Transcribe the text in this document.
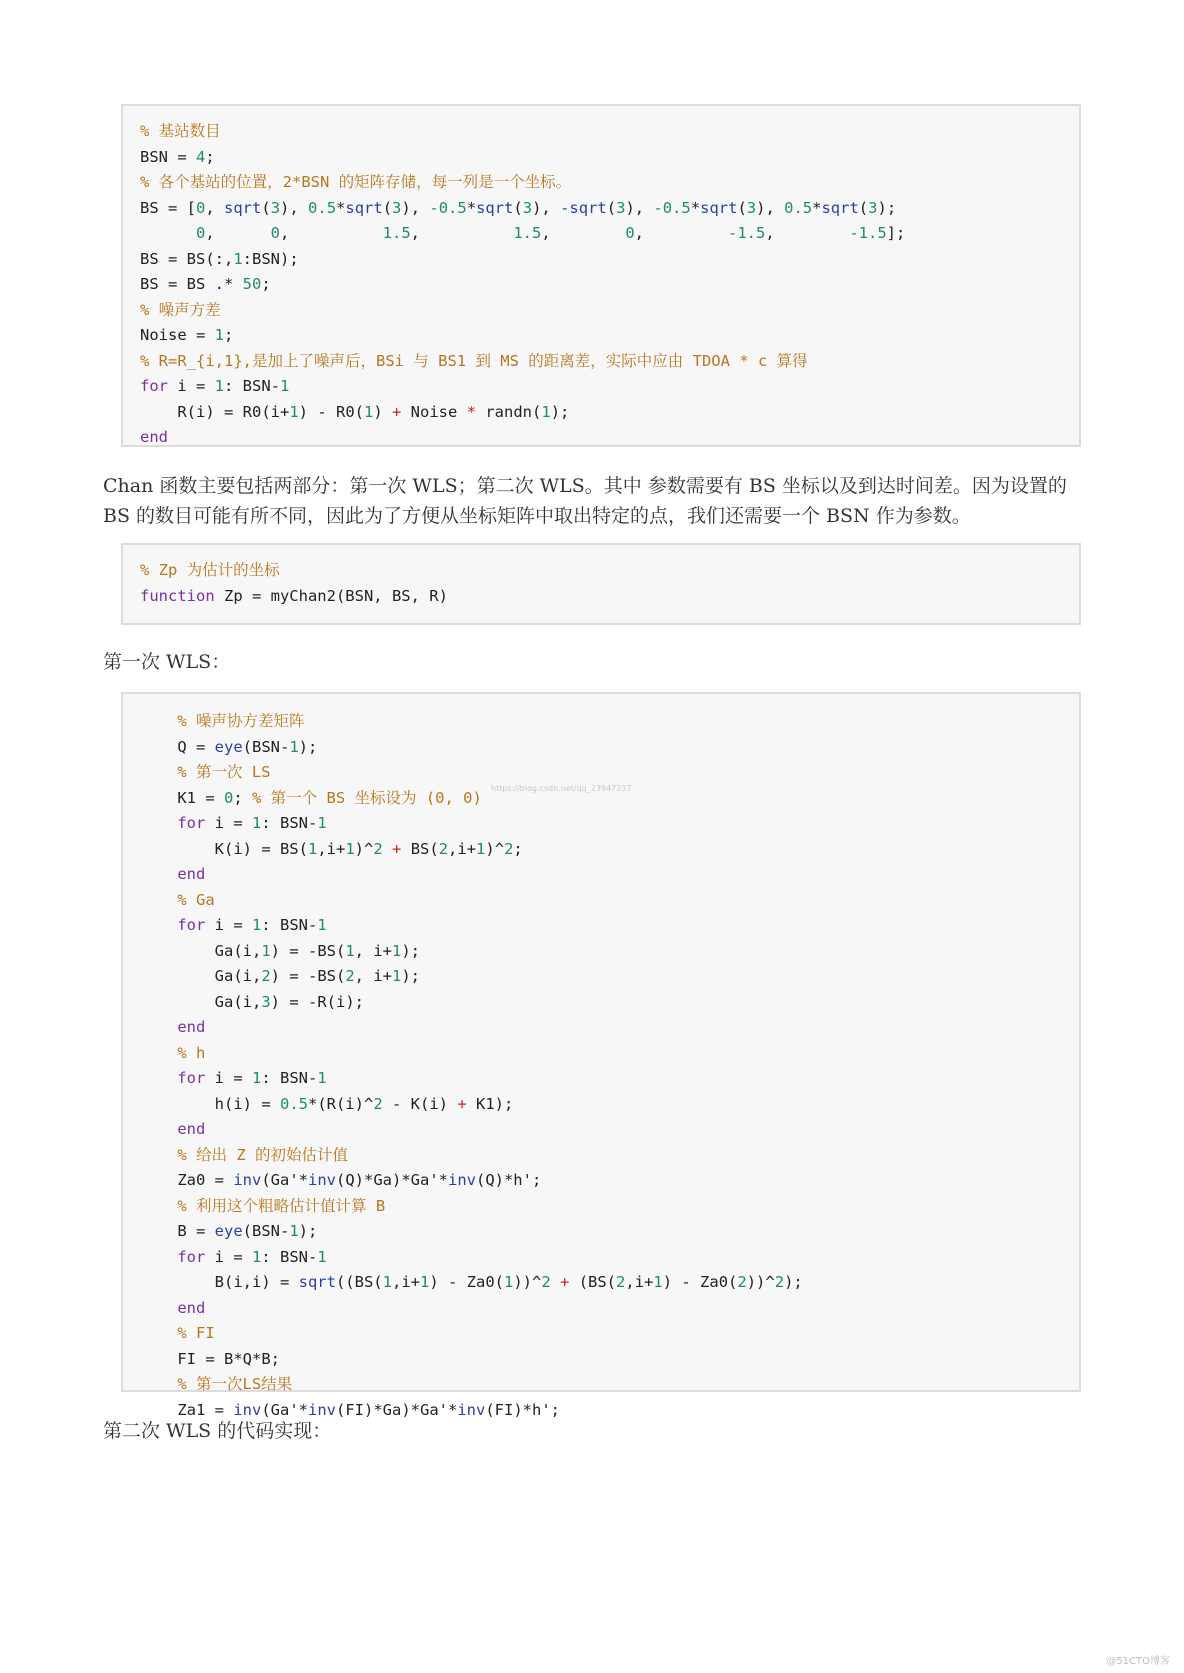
% 基站数目
BSN = 4;
% 各个基站的位置，2*BSN 的矩阵存储，每一列是一个坐标。
BS = [0, sqrt(3), 0.5*sqrt(3), -0.5*sqrt(3), -sqrt(3), -0.5*sqrt(3), 0.5*sqrt(3);
0,      0,          1.5,          1.5,        0,         -1.5,        -1.5];
BS = BS(:,1:BSN);
BS = BS .* 50;
% 噪声方差
Noise = 1;
% R=R_{i,1},是加上了噪声后，BSi 与 BS1 到 MS 的距离差，实际中应由 TDOA * c 算得
for i = 1: BSN-1
R(i) = R0(i+1) - R0(1) + Noise * randn(1);
end
Chan 函数主要包括两部分：第一次 WLS；第二次 WLS。其中 参数需要有 BS 坐标以及到达时间差。因为设置的 BS 的数目可能有所不同，因此为了方便从坐标矩阵中取出特定的点，我们还需要一个 BSN 作为参数。
% Zp 为估计的坐标
function Zp = myChan2(BSN, BS, R)
第一次 WLS：
% 噪声协方差矩阵
Q = eye(BSN-1);
% 第一次 LS
K1 = 0; % 第一个 BS 坐标设为 (0, 0)
for i = 1: BSN-1
K(i) = BS(1,i+1)^2 + BS(2,i+1)^2;
end
% Ga
for i = 1: BSN-1
Ga(i,1) = -BS(1, i+1);
Ga(i,2) = -BS(2, i+1);
Ga(i,3) = -R(i);
end
% h
for i = 1: BSN-1
h(i) = 0.5*(R(i)^2 - K(i) + K1);
end
% 给出 Z 的初始估计值
Za0 = inv(Ga'*inv(Q)*Ga)*Ga'*inv(Q)*h';
% 利用这个粗略估计值计算 B
B = eye(BSN-1);
for i = 1: BSN-1
B(i,i) = sqrt((BS(1,i+1) - Za0(1))^2 + (BS(2,i+1) - Za0(2))^2);
end
% FI
FI = B*Q*B;
% 第一次LS结果
Za1 = inv(Ga'*inv(FI)*Ga)*Ga'*inv(FI)*h';
https://blog.csdn.net/qq_23947237
第二次 WLS 的代码实现：
@51CTO博客
